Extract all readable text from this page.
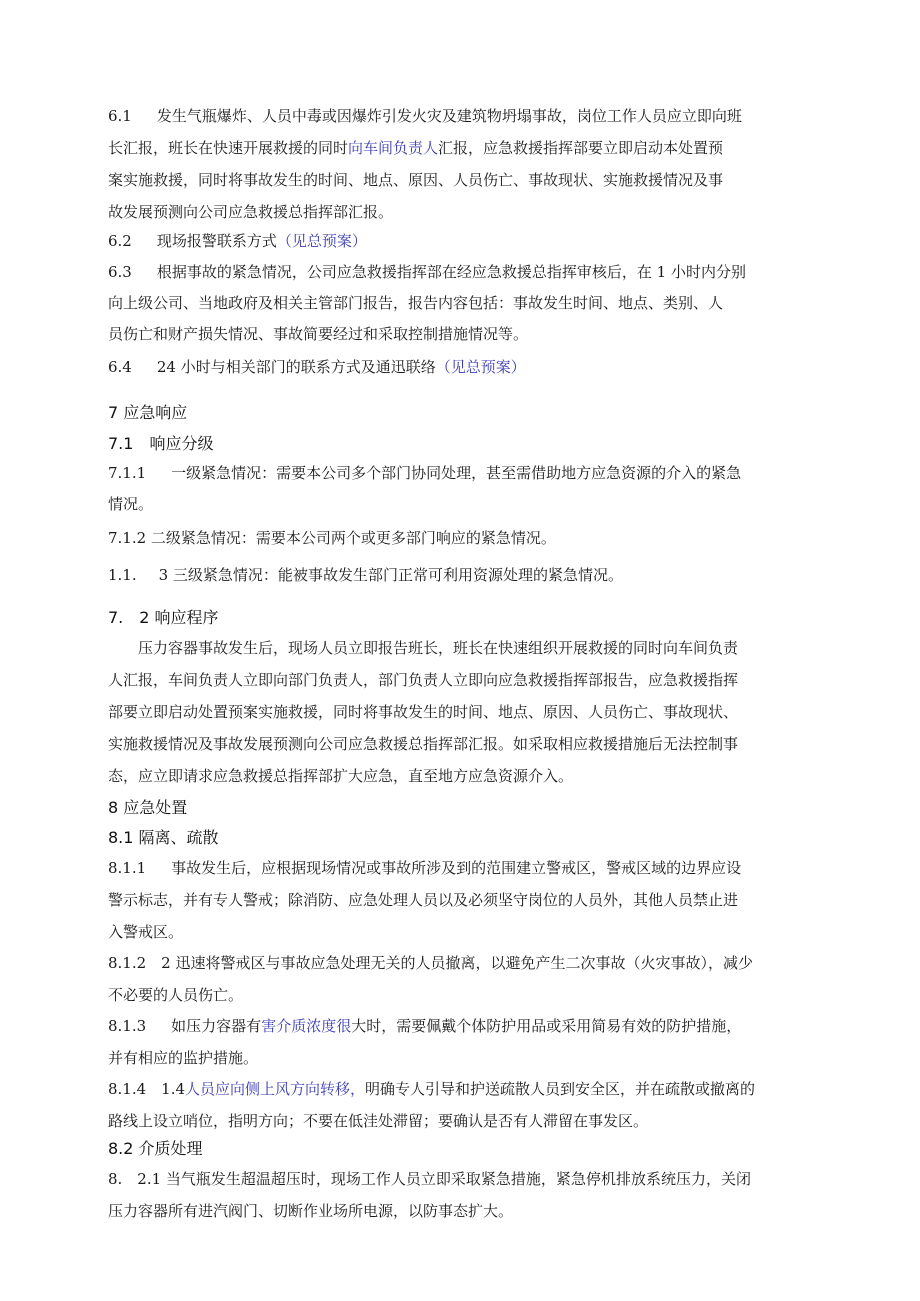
6.1 发生气瓶爆炸、人员中毒或因爆炸引发火灾及建筑物坍塌事故，岗位工作人员应立即向班
长汇报，班长在快速开展救援的同时向车间负责人汇报，应急救援指挥部要立即启动本处置预
案实施救援，同时将事故发生的时间、地点、原因、人员伤亡、事故现状、实施救援情况及事
故发展预测向公司应急救援总指挥部汇报。
6.2 现场报警联系方式（见总预案）
6.3 根据事故的紧急情况，公司应急救援指挥部在经应急救援总指挥审核后，在 1 小时内分别
向上级公司、当地政府及相关主管部门报告，报告内容包括：事故发生时间、地点、类别、人
员伤亡和财产损失情况、事故简要经过和采取控制措施情况等。
6.4 24 小时与相关部门的联系方式及通迅联络（见总预案）
7 应急响应
7.1　响应分级
7.1.1 一级紧急情况：需要本公司多个部门协同处理，甚至需借助地方应急资源的介入的紧急
情况。
7.1.2 二级紧急情况：需要本公司两个或更多部门响应的紧急情况。
1.1. 3 三级紧急情况：能被事故发生部门正常可利用资源处理的紧急情况。
7.　2 响应程序
压力容器事故发生后，现场人员立即报告班长，班长在快速组织开展救援的同时向车间负责
人汇报，车间负责人立即向部门负责人，部门负责人立即向应急救援指挥部报告，应急救援指挥
部要立即启动处置预案实施救援，同时将事故发生的时间、地点、原因、人员伤亡、事故现状、
实施救援情况及事故发展预测向公司应急救援总指挥部汇报。如采取相应救援措施后无法控制事
态，应立即请求应急救援总指挥部扩大应急，直至地方应急资源介入。
8 应急处置
8.1 隔离、疏散
8.1.1 事故发生后，应根据现场情况或事故所涉及到的范围建立警戒区，警戒区域的边界应设
警示标志，并有专人警戒；除消防、应急处理人员以及必须坚守岗位的人员外，其他人员禁止进
入警戒区。
8.1.2　2 迅速将警戒区与事故应急处理无关的人员撤离，以避免产生二次事故（火灾事故），减少
不必要的人员伤亡。
8.1.3 如压力容器有害介质浓度很大时，需要佩戴个体防护用品或采用简易有效的防护措施，
并有相应的监护措施。
8.1.4　1.4人员应向侧上风方向转移，明确专人引导和护送疏散人员到安全区，并在疏散或撤离的
路线上设立哨位，指明方向；不要在低洼处滞留；要确认是否有人滞留在事发区。
8.2 介质处理
8.　2.1 当气瓶发生超温超压时，现场工作人员立即采取紧急措施，紧急停机排放系统压力，关闭
压力容器所有进汽阀门、切断作业场所电源，以防事态扩大。
